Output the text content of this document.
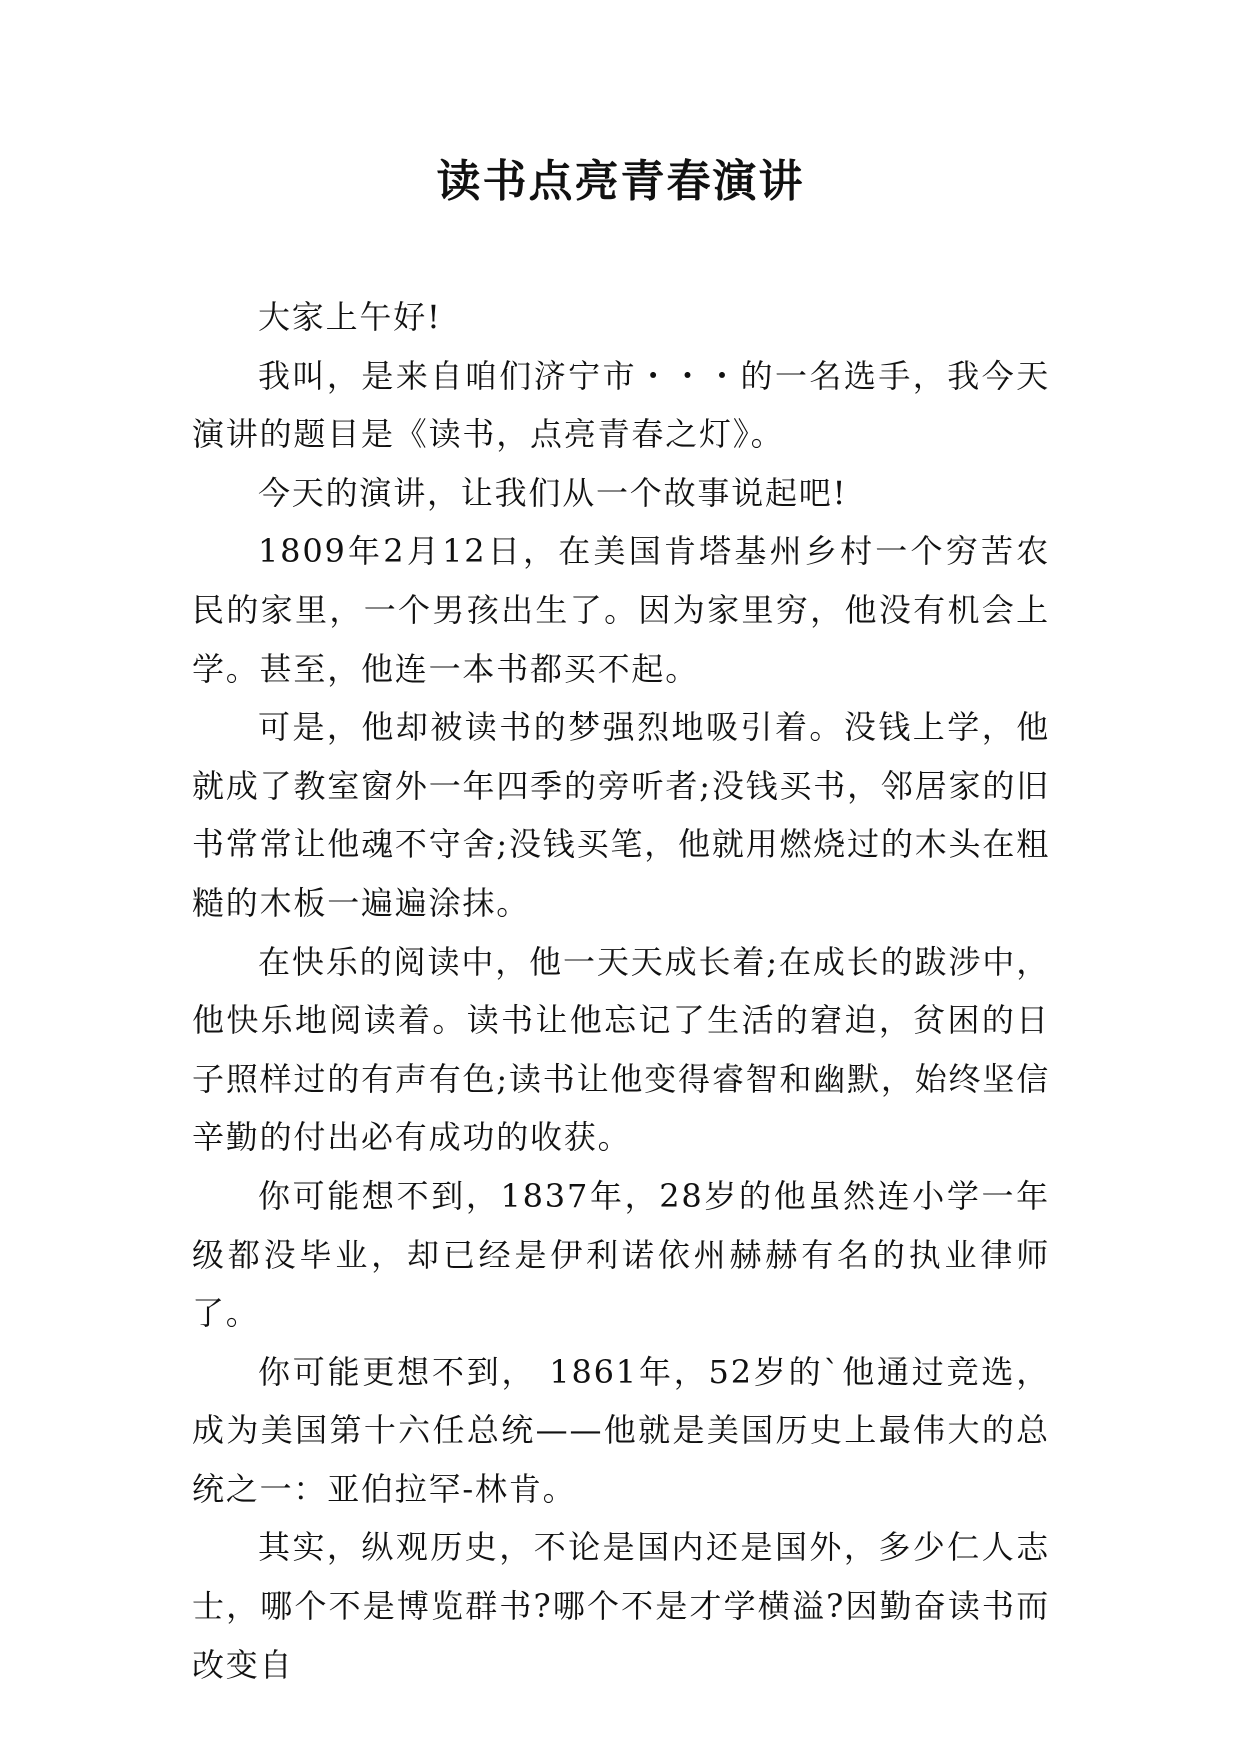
读书点亮青春演讲

大家上午好!

我叫，是来自咱们济宁市・・・的一名选手，我今天演讲的题目是《读书，点亮青春之灯》。

今天的演讲，让我们从一个故事说起吧!

1809年2月12日，在美国肯塔基州乡村一个穷苦农民的家里，一个男孩出生了。因为家里穷，他没有机会上学。甚至，他连一本书都买不起。

可是，他却被读书的梦强烈地吸引着。没钱上学，他就成了教室窗外一年四季的旁听者;没钱买书，邻居家的旧书常常让他魂不守舍;没钱买笔，他就用燃烧过的木头在粗糙的木板一遍遍涂抹。

在快乐的阅读中，他一天天成长着;在成长的跋涉中，他快乐地阅读着。读书让他忘记了生活的窘迫，贫困的日子照样过的有声有色;读书让他变得睿智和幽默，始终坚信辛勤的付出必有成功的收获。

你可能想不到，1837年，28岁的他虽然连小学一年级都没毕业，却已经是伊利诺依州赫赫有名的执业律师了。

你可能更想不到， 1861年，52岁的`他通过竞选，成为美国第十六任总统——他就是美国历史上最伟大的总统之一：亚伯拉罕-林肯。

其实，纵观历史，不论是国内还是国外，多少仁人志士，哪个不是博览群书?哪个不是才学横溢?因勤奋读书而改变自
